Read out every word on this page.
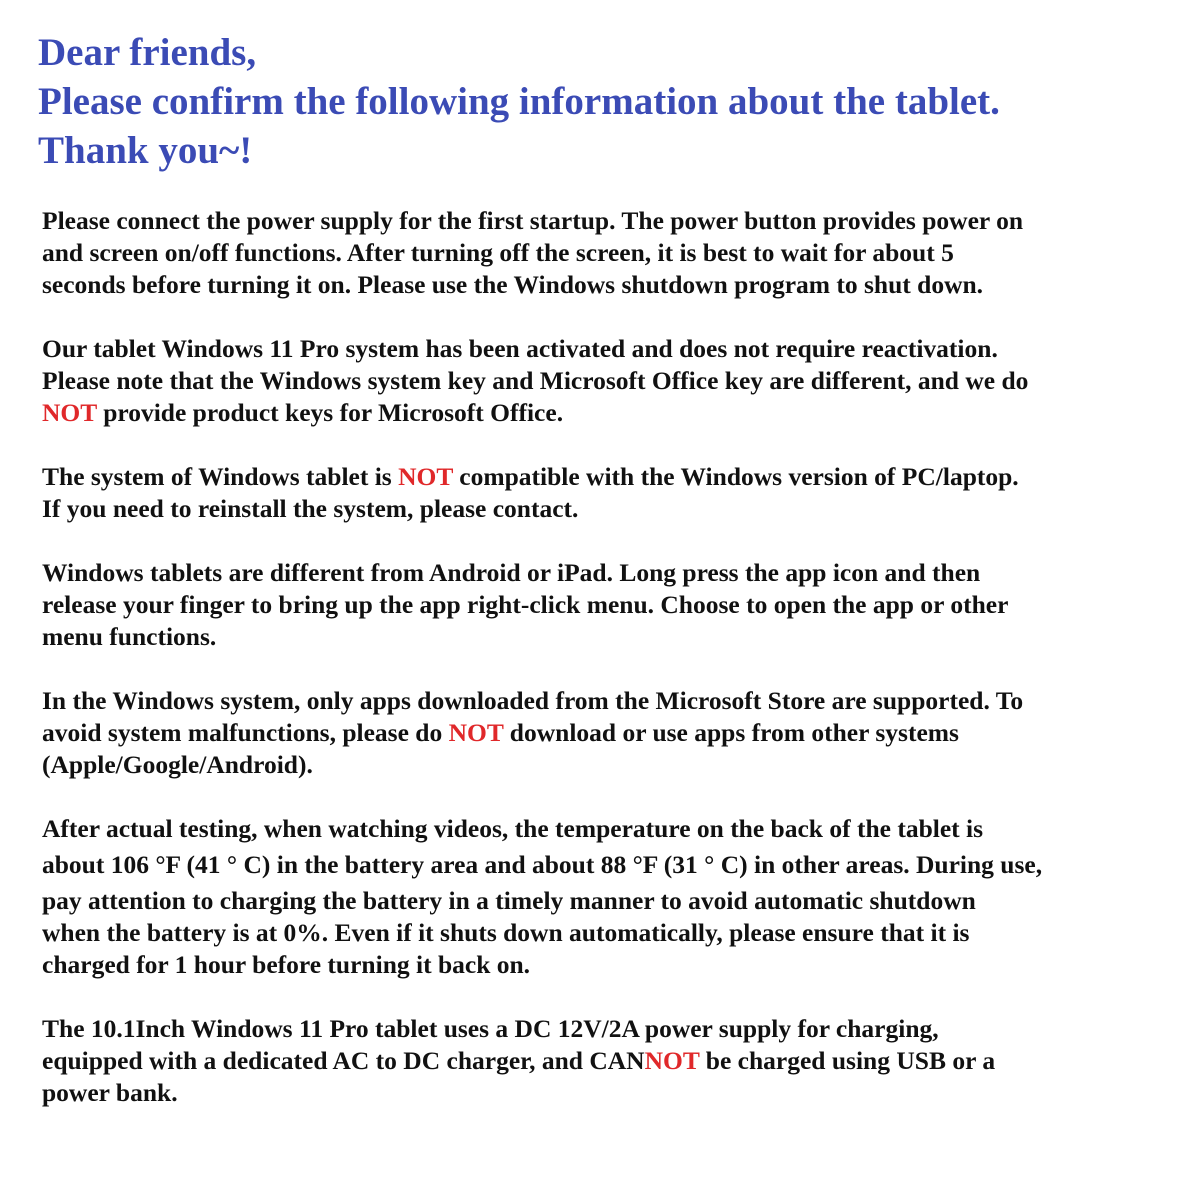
Dear friends,
Please confirm the following information about the tablet.
Thank you~!
Please connect the power supply for the first startup. The power button provides power on
and screen on/off functions. After turning off the screen, it is best to wait for about 5
seconds before turning it on. Please use the Windows shutdown program to shut down.
Our tablet Windows 11 Pro system has been activated and does not require reactivation.
Please note that the Windows system key and Microsoft Office key are different, and we do
NOT provide product keys for Microsoft Office.
The system of Windows tablet is NOT compatible with the Windows version of PC/laptop.
If you need to reinstall the system, please contact.
Windows tablets are different from Android or iPad. Long press the app icon and then
release your finger to bring up the app right-click menu. Choose to open the app or other
menu functions.
In the Windows system, only apps downloaded from the Microsoft Store are supported. To
avoid system malfunctions, please do NOT download or use apps from other systems
(Apple/Google/Android).
After actual testing, when watching videos, the temperature on the back of the tablet is
about 106 °F (41 ° C) in the battery area and about 88 °F (31 ° C) in other areas. During use,
pay attention to charging the battery in a timely manner to avoid automatic shutdown
when the battery is at 0%. Even if it shuts down automatically, please ensure that it is
charged for 1 hour before turning it back on.
The 10.1Inch Windows 11 Pro tablet uses a DC 12V/2A power supply for charging,
equipped with a dedicated AC to DC charger, and CANNOT be charged using USB or a
power bank.
